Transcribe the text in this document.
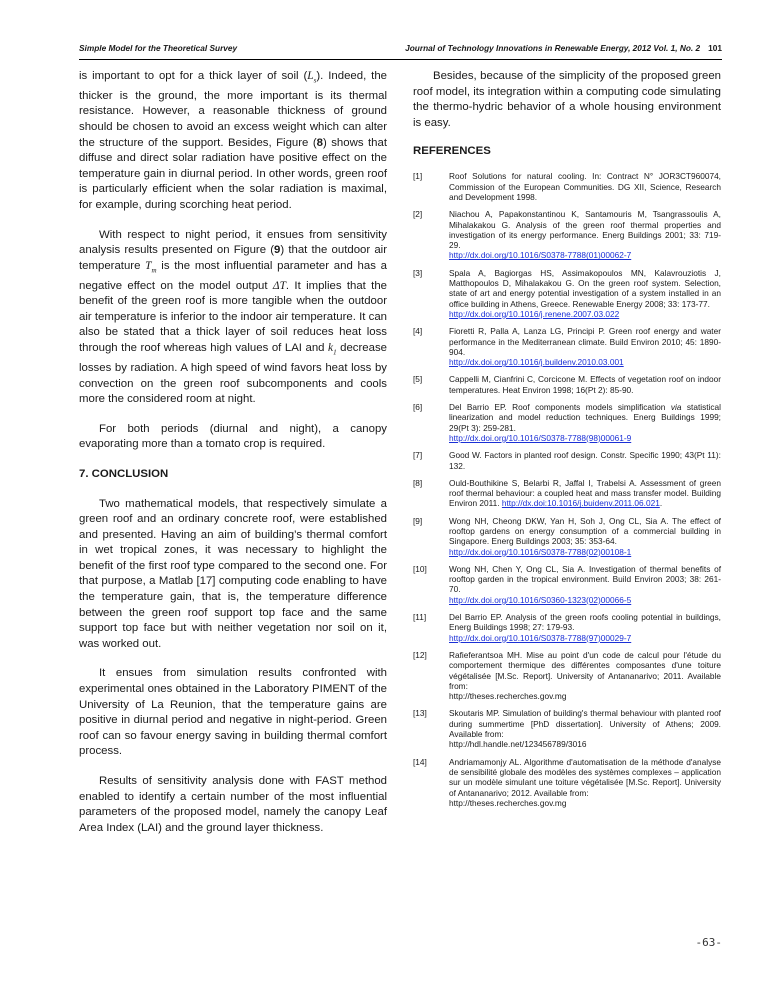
Simple Model for the Theoretical Survey	Journal of Technology Innovations in Renewable Energy, 2012 Vol. 1, No. 2 101

is important to opt for a thick layer of soil $(L_s)$. Indeed, the thicker is the ground, the more important is its thermal resistance. However, a reasonable thickness of ground should be chosen to avoid an excess weight which can alter the structure of the support. Besides, Figure (8) shows that diffuse and direct solar radiation have positive effect on the temperature gain in diurnal period. In other words, green roof is particularly efficient when the solar radiation is maximal, for example, during scorching heat period.

With respect to night period, it ensues from sensitivity analysis results presented on Figure (9) that the outdoor air temperature $T_m$ is the most influential parameter and has a negative effect on the model output ΔT. It implies that the benefit of the green roof is more tangible when the outdoor air temperature is inferior to the indoor air temperature. It can also be stated that a thick layer of soil reduces heat loss through the roof whereas high values of LAI and $k_1$ decrease losses by radiation. A high speed of wind favors heat loss by convection on the green roof subcomponents and cools more the considered room at night.

For both periods (diurnal and night), a canopy evaporating more than a tomato crop is required.

7. CONCLUSION

Two mathematical models, that respectively simulate a green roof and an ordinary concrete roof, were established and presented. Having an aim of building’s thermal comfort in wet tropical zones, it was necessary to highlight the benefit of the first roof type compared to the second one. For that purpose, a Matlab [17] computing code enabling to have the temperature gain, that is, the temperature difference between the green roof support top face and the same support top face but with neither vegetation nor soil on it, was worked out.

It ensues from simulation results confronted with experimental ones obtained in the Laboratory PIMENT of the University of La Reunion, that the temperature gains are positive in diurnal period and negative in night-period. Green roof can so favour energy saving in building thermal comfort process.

Results of sensitivity analysis done with FAST method enabled to identify a certain number of the most influential parameters of the proposed model, namely the canopy Leaf Area Index (LAI) and the ground layer thickness.

Besides, because of the simplicity of the proposed green roof model, its integration within a computing code simulating the thermo-hydric behavior of a whole housing environment is easy.

REFERENCES
[1]	Roof Solutions for natural cooling. In: Contract N° JOR3CT960074, Commission of the European Communities. DG XII, Science, Research and Development 1998.
[2]	Niachou A, Papakonstantinou K, Santamouris M, Tsangrassoulis A, Mihalakakou G. Analysis of the green roof thermal properties and investigation of its energy performance. Energ Buildings 2001; 33: 719-29.
http://dx.doi.org/10.1016/S0378-7788(01)00062-7
[3]	Spala A, Bagiorgas HS, Assimakopoulos MN, Kalavrouziotis J, Matthopoulos D, Mihalakakou G. On the green roof system. Selection, state of art and energy potential investigation of a system installed in an office building in Athens, Greece. Renewable Energy 2008; 33: 173-77.
http://dx.doi.org/10.1016/j.renene.2007.03.022
[4]	Fioretti R, Palla A, Lanza LG, Principi P. Green roof energy and water performance in the Mediterranean climate. Build Environ 2010; 45: 1890-904.
http://dx.doi.org/10.1016/j.buildenv.2010.03.001
[5]	Cappelli M, Cianfrini C, Corcicone M. Effects of vegetation roof on indoor temperatures. Heat Environ 1998; 16(Pt 2): 85-90.
[6]	Del Barrio EP. Roof components models simplification via statistical linearization and model reduction techniques. Energ Buildings 1999; 29(Pt 3): 259-281.
http://dx.doi.org/10.1016/S0378-7788(98)00061-9
[7]	Good W. Factors in planted roof design. Constr. Specific 1990; 43(Pt 11): 132.
[8]	Ould-Bouthikine S, Belarbi R, Jaffal I, Trabelsi A. Assessment of green roof thermal behaviour: a coupled heat and mass transfer model. Building Environ 2011. http://dx.doi:10.1016/j.buidenv.2011.06.021.
[9]	Wong NH, Cheong DKW, Yan H, Soh J, Ong CL, Sia A. The effect of rooftop gardens on energy consumption of a commercial building in Singapore. Energ Buildings 2003; 35: 353-64.
http://dx.doi.org/10.1016/S0378-7788(02)00108-1
[10]	Wong NH, Chen Y, Ong CL, Sia A. Investigation of thermal benefits of rooftop garden in the tropical environment. Build Environ 2003; 38: 261-70.
http://dx.doi.org/10.1016/S0360-1323(02)00066-5
[11]	Del Barrio EP. Analysis of the green roofs cooling potential in buildings, Energ Buildings 1998; 27: 179-93.
http://dx.doi.org/10.1016/S0378-7788(97)00029-7
[12]	Rafieferantsoa MH. Mise au point d'un code de calcul pour l'étude du comportement thermique des différentes composantes d'une toiture végétalisée [M.Sc. Report]. University of Antananarivo; 2011. Available from:
http://theses.recherches.gov.mg
[13]	Skoutaris MP. Simulation of building's thermal behaviour with planted roof during summertime [PhD dissertation]. University of Athens; 2009. Available from:
http://hdl.handle.net/123456789/3016
[14]	Andriamamonjy AL. Algorithme d'automatisation de la méthode d'analyse de sensibilité globale des modèles des systèmes complexes – application sur un modèle simulant une toiture végétalisée [M.Sc. Report]. University of Antananarivo; 2012. Available from:
http://theses.recherches.gov.mg
-63-
